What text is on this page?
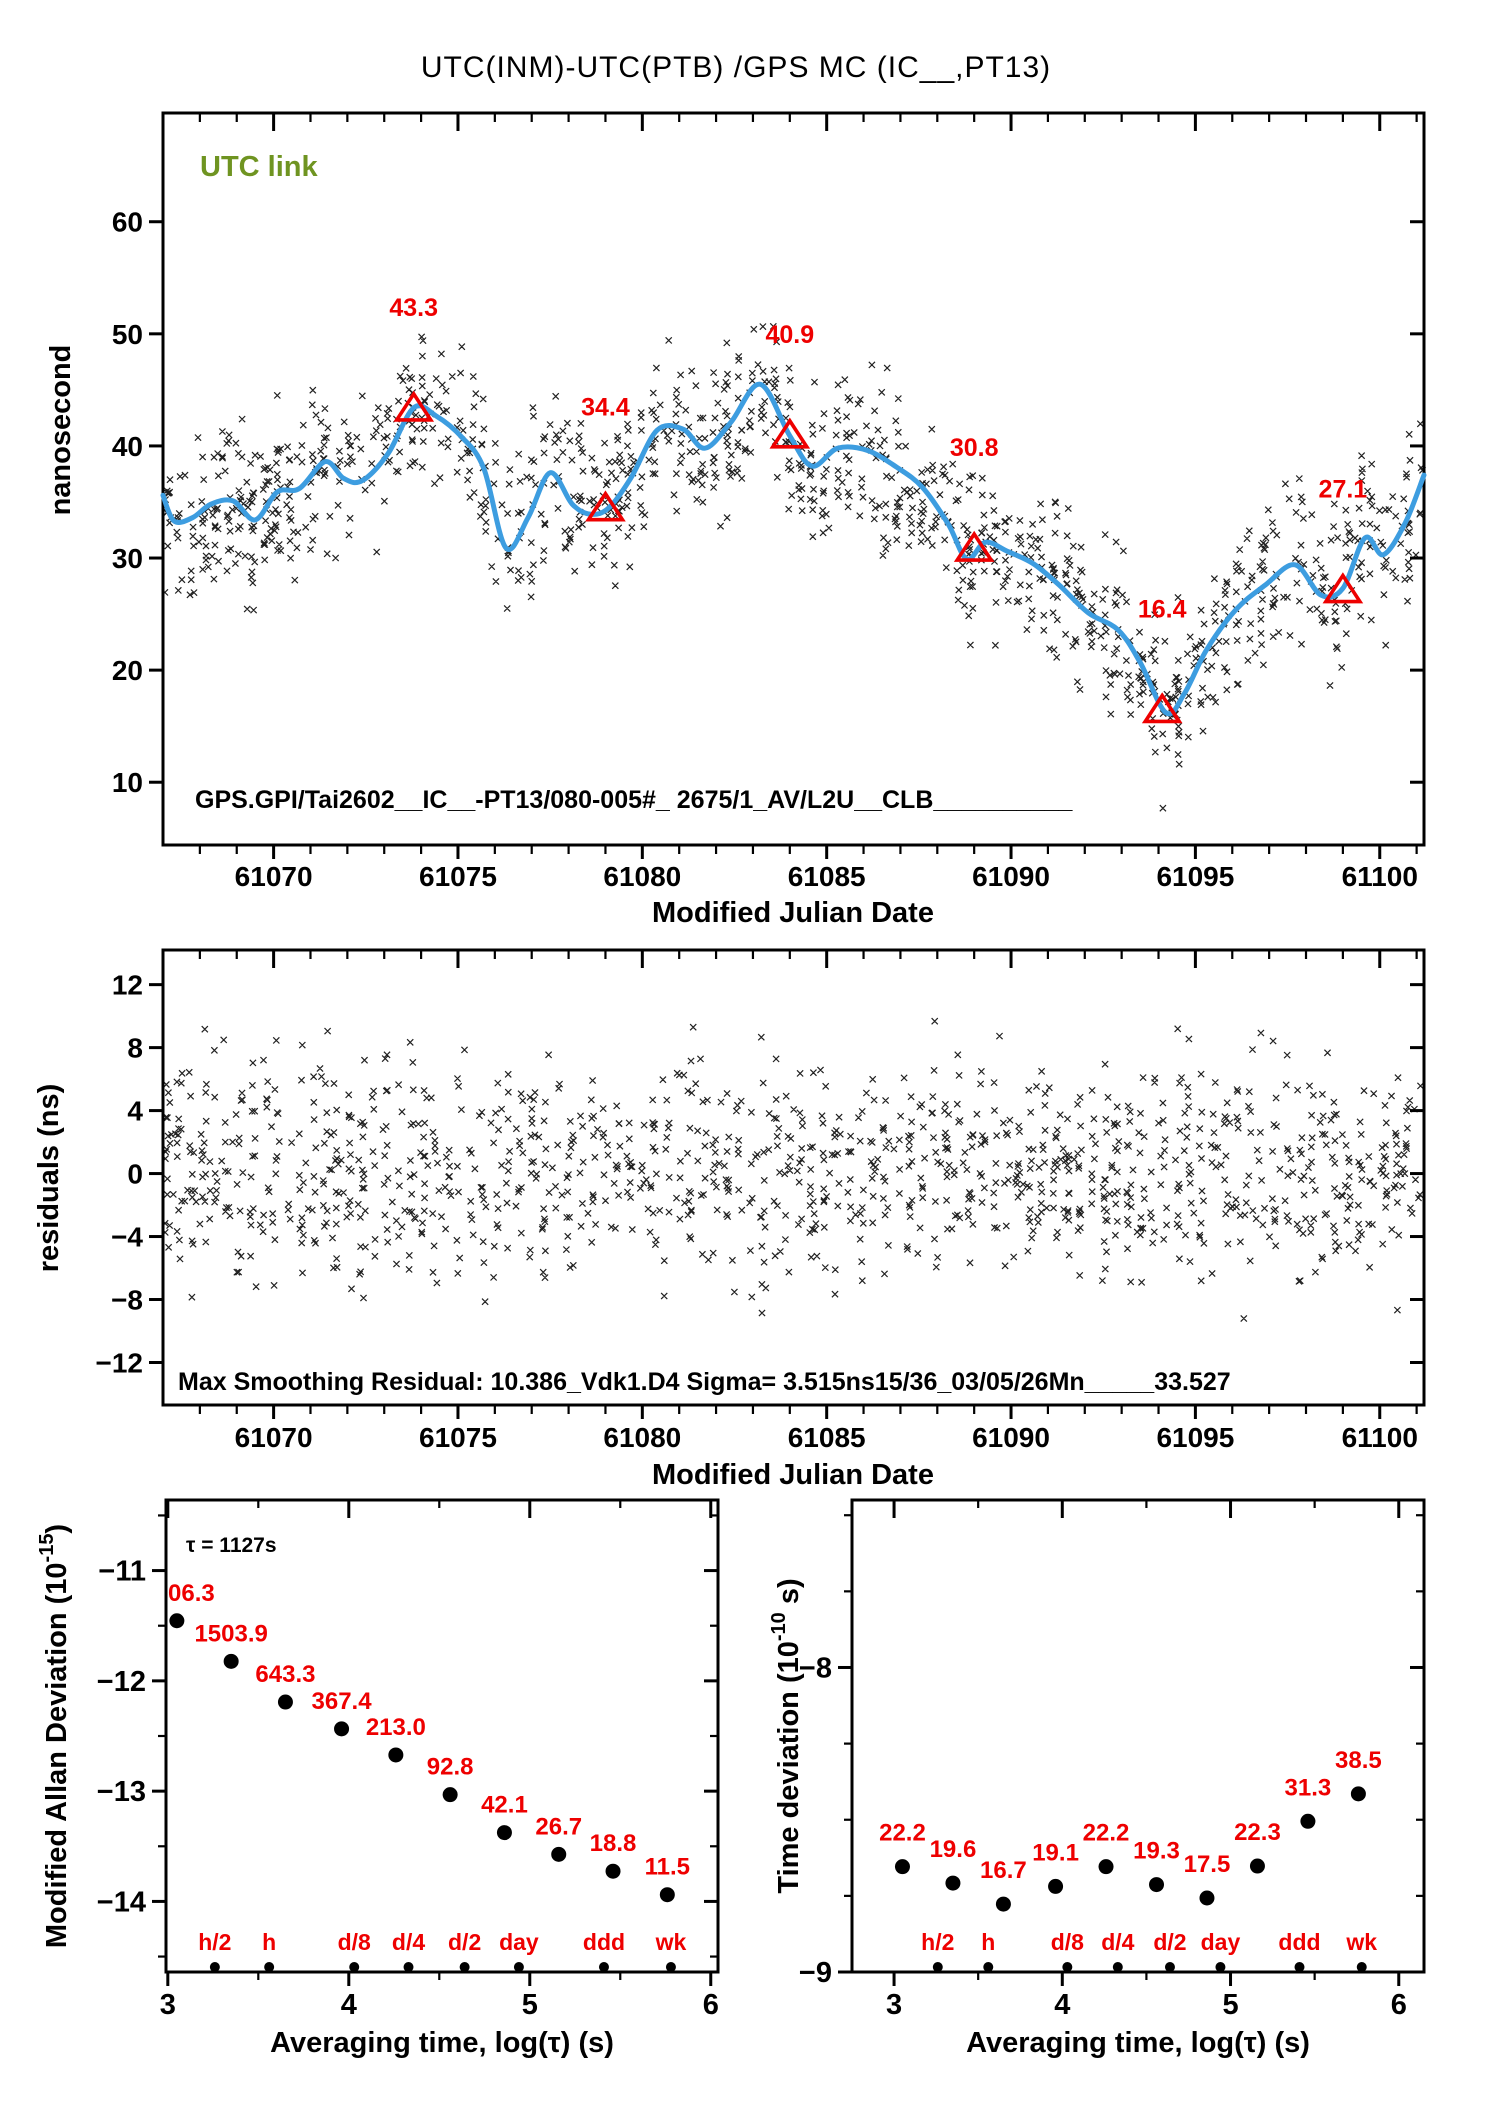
UTC(INM)-UTC(PTB) /GPS MC (IC__,PT13)
UTC link
GPS.GPI/Tai2602__IC__-PT13/080-005#_ 2675/1_AV/L2U__CLB__________
Modified Julian Date
nanosecond
Max Smoothing Residual: 10.386_Vdk1.D4 Sigma= 3.515ns15/36_03/05/26Mn_____33.527
Modified Julian Date
residuals (ns)
τ = 1127s
Averaging time, log(τ) (s)	Averaging time, log(τ) (s)
61070	61075	61080	61085	61090	61095	61100
10
20
30
40
50
60
43.3
34.4
40.9
30.8
16.4
27.1
61070	61075	61080	61085	61090	61095	61100
−12
−8
−4
0
4
8
12
3	4	5	6
−11
−12
−13
−14
06.3
1503.9
643.3
367.4
213.0
92.8
42.1
26.7
18.8
11.5
h/2 h	d/8 d/4 d/2 day ddd wk
Modified Allan Deviation $(10^{-15})$
3	4	5	6
−8
−9
22.2
19.6
16.7
19.1
22.2
19.3 17.5
22.3
31.3
38.5
h/2 h d/8 d/4 d/2 day ddd wk
Time deviation ($10^{-10}$ s)
